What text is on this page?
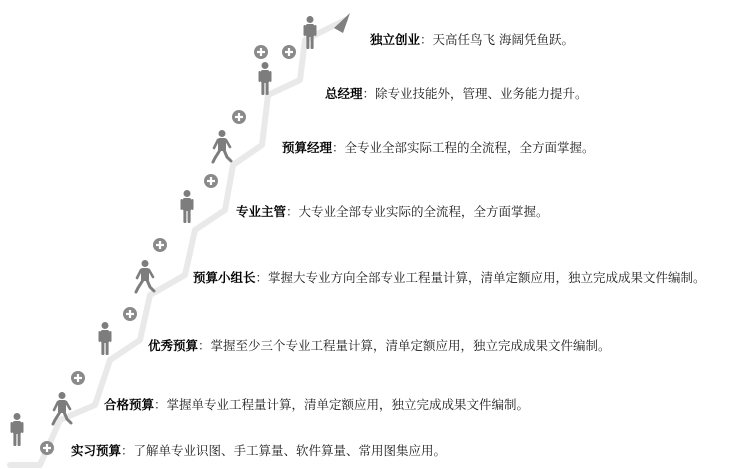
实习预算：了解单专业识图、手工算量、软件算量、常用图集应用。
合格预算：掌握单专业工程量计算，清单定额应用，独立完成成果文件编制。
优秀预算：掌握至少三个专业工程量计算，清单定额应用，独立完成成果文件编制。
预算小组长：掌握大专业方向全部专业工程量计算，清单定额应用，独立完成成果文件编制。
专业主管：大专业全部专业实际的全流程，全方面掌握。
预算经理：全专业全部实际工程的全流程，全方面掌握。
总经理：除专业技能外，管理、业务能力提升。
独立创业：天高任鸟飞 海阔凭鱼跃。
